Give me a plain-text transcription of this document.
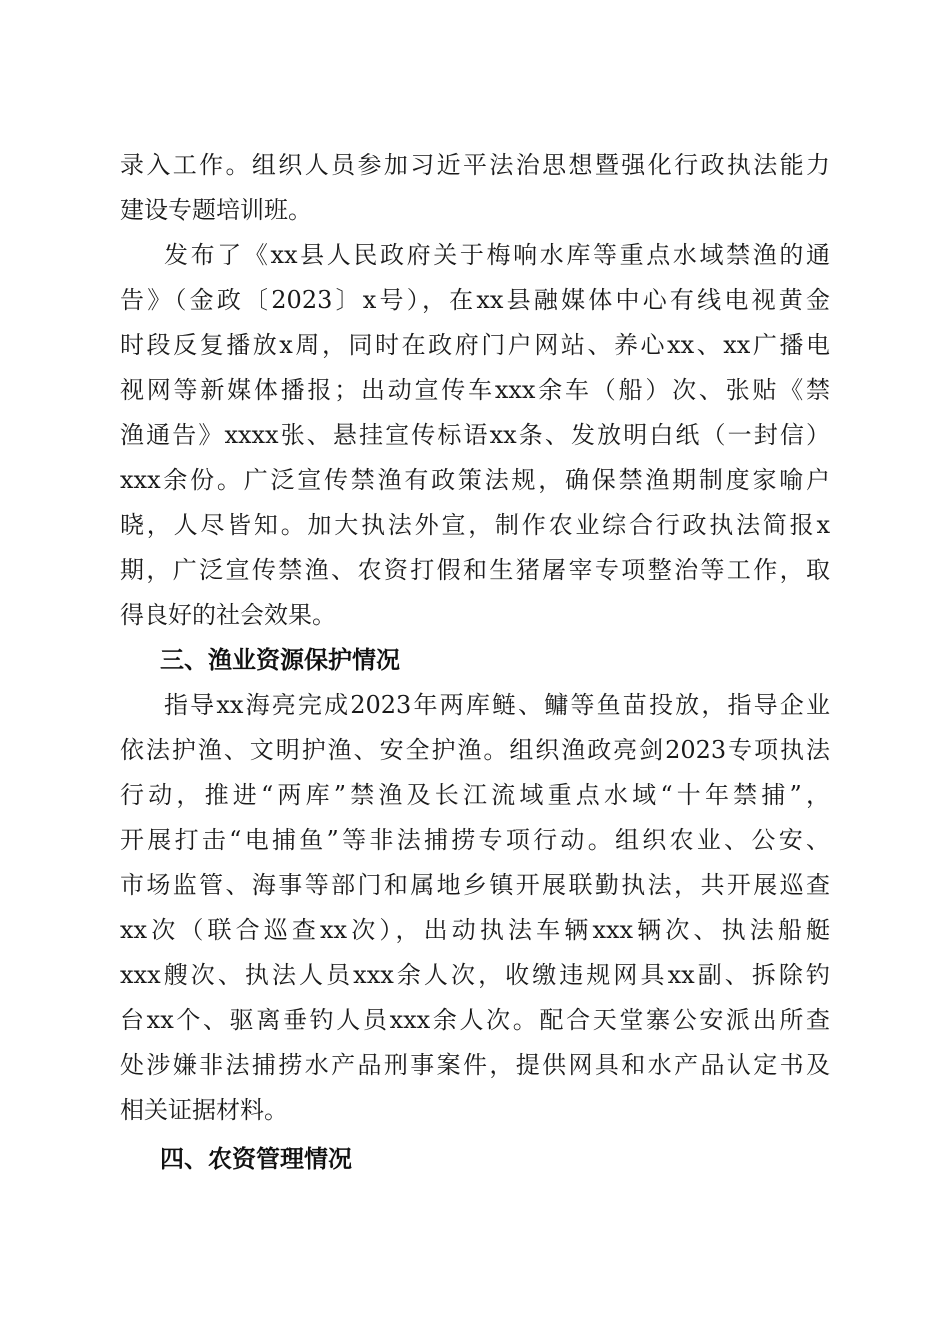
录入工作。组织人员参加习近平法治思想暨强化行政执法能力
建设专题培训班。
发布了《xx县人民政府关于梅响水库等重点水域禁渔的通
告》（金政〔2023〕x号），在xx县融媒体中心有线电视黄金
时段反复播放x周，同时在政府门户网站、养心xx、xx广播电
视网等新媒体播报；出动宣传车xxx余车（船）次、张贴《禁
渔通告》xxxx张、悬挂宣传标语xx条、发放明白纸（一封信）
xxx余份。广泛宣传禁渔有政策法规，确保禁渔期制度家喻户
晓，人尽皆知。加大执法外宣，制作农业综合行政执法简报x
期，广泛宣传禁渔、农资打假和生猪屠宰专项整治等工作，取
得良好的社会效果。
三、渔业资源保护情况
指导xx海亮完成2023年两库鲢、鳙等鱼苗投放，指导企业
依法护渔、文明护渔、安全护渔。组织渔政亮剑2023专项执法
行动，推进“两库”禁渔及长江流域重点水域“十年禁捕”，
开展打击“电捕鱼”等非法捕捞专项行动。组织农业、公安、
市场监管、海事等部门和属地乡镇开展联勤执法，共开展巡查
xx次（联合巡查xx次），出动执法车辆xxx辆次、执法船艇
xxx艘次、执法人员xxx余人次，收缴违规网具xx副、拆除钓
台xx个、驱离垂钓人员xxx余人次。配合天堂寨公安派出所查
处涉嫌非法捕捞水产品刑事案件，提供网具和水产品认定书及
相关证据材料。
四、农资管理情况
